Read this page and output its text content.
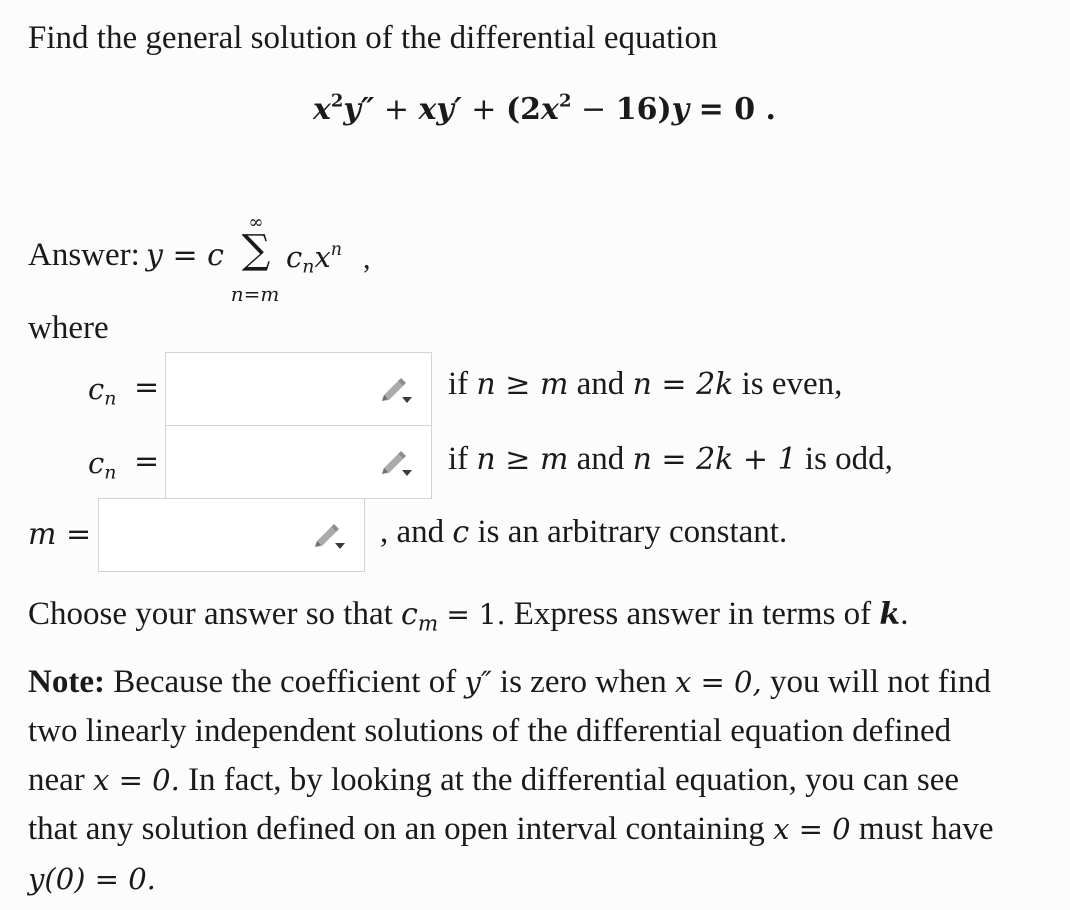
Find the general solution of the differential equation
$x^2y'' + xy' + (2x^2 - 16)y = 0$ .
Answer: y = c
∞
∑
n=m
$c_nx^n$ ,
where
$c_n$ =	if n ≥ m and n = 2k is even,
$c_n$ =	if n ≥ m and n = 2k + 1 is odd,
m =	, and c is an arbitrary constant.
Choose your answer so that $c_m = 1$. Express answer in terms of k.
Note: Because the coefficient of y″ is zero when x = 0, you will not find
two linearly independent solutions of the differential equation defined
near x = 0. In fact, by looking at the differential equation, you can see
that any solution defined on an open interval containing x = 0 must have
y(0) = 0.
